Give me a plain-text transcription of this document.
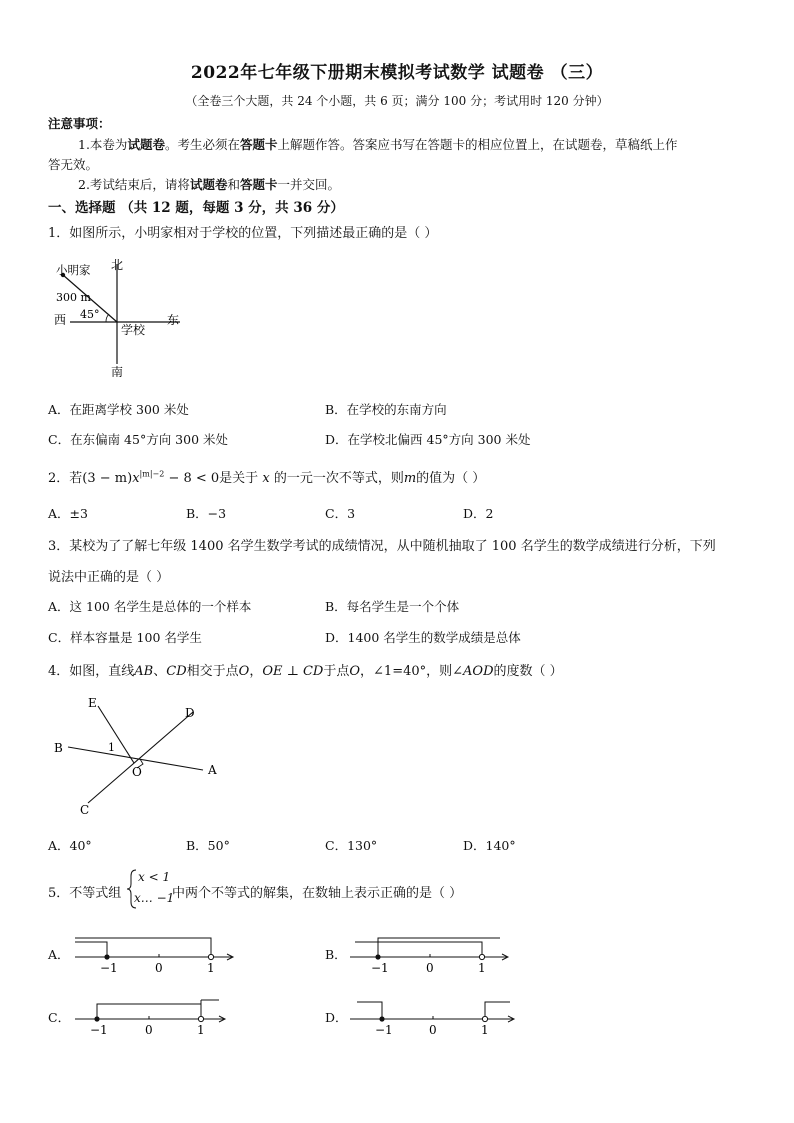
2022年七年级下册期末模拟考试数学 试题卷 （三）
（全卷三个大题，共 24 个小题，共 6 页；满分 100 分；考试用时 120 分钟）
注意事项：
1.本卷为试题卷。考生必须在答题卡上解题作答。答案应书写在答题卡的相应位置上，在试题卷，草稿纸上作
答无效。
2.考试结束后，请将试题卷和答题卡一并交回。
一、选择题 （共 12 题，每题 3 分，共 36 分）
1．如图所示，小明家相对于学校的位置，下列描述最正确的是（ ）
小明家 北
南
西	东
学校
300 m
45°
A．在距离学校 300 米处	B．在学校的东南方向
C．在东偏南 45°方向 300 米处	D．在学校北偏西 45°方向 300 米处
2．若$(3 - m)x^{|m|-2} - 8 < 0$是关于 x 的一元一次不等式，则m的值为（ ）
A．±3	B．−3	C．3	D．2
3．某校为了了解七年级 1400 名学生数学考试的成绩情况，从中随机抽取了 100 名学生的数学成绩进行分析，下列
说法中正确的是（ ）
A．这 100 名学生是总体的一个样本	B．每名学生是一个个体
C．样本容量是 100 名学生	D．1400 名学生的数学成绩是总体
4．如图，直线AB、CD相交于点O，OE ⊥ CD于点O，∠1=40°，则∠AOD的度数（ ）
E
D
B
A
C
O
1
A．40°	B．50°	C．130°	D．140°
5．不等式组
x < 1
x… −1
中两个不等式的解集，在数轴上表示正确的是（ ）
A．
−1	0	1
B．
−1	0	1
C．
−1	0	1
D．
−1	0	1
